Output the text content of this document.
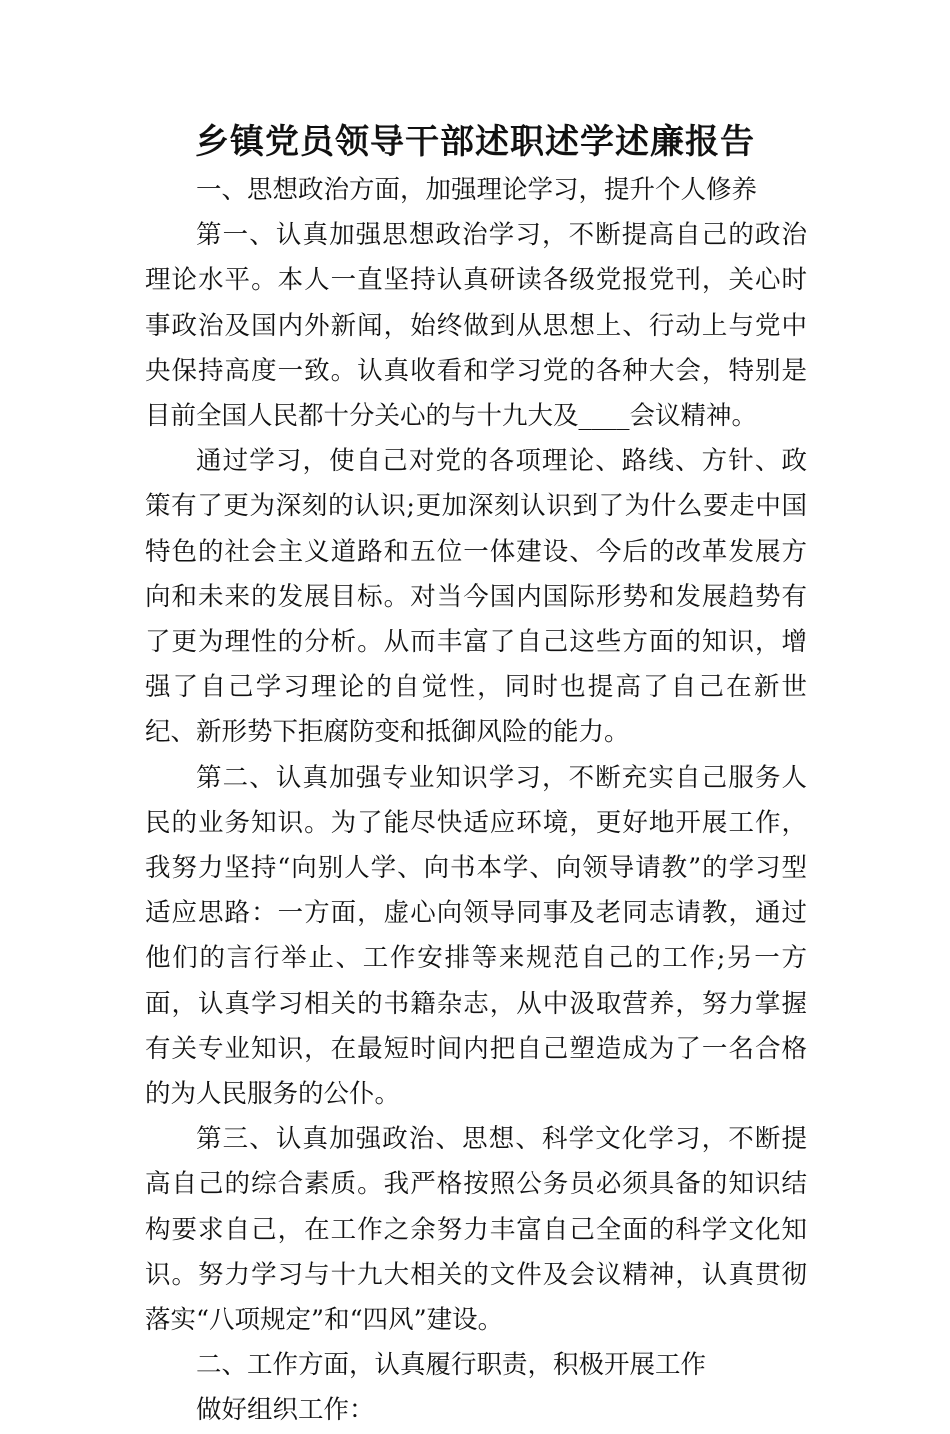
乡镇党员领导干部述职述学述廉报告

一、思想政治方面，加强理论学习，提升个人修养

第一、认真加强思想政治学习，不断提高自己的政治理论水平。本人一直坚持认真研读各级党报党刊，关心时事政治及国内外新闻，始终做到从思想上、行动上与党中央保持高度一致。认真收看和学习党的各种大会，特别是目前全国人民都十分关心的与十九大及____会议精神。

通过学习，使自己对党的各项理论、路线、方针、政策有了更为深刻的认识;更加深刻认识到了为什么要走中国特色的社会主义道路和五位一体建设、今后的改革发展方向和未来的发展目标。对当今国内国际形势和发展趋势有了更为理性的分析。从而丰富了自己这些方面的知识，增强了自己学习理论的自觉性，同时也提高了自己在新世纪、新形势下拒腐防变和抵御风险的能力。

第二、认真加强专业知识学习，不断充实自己服务人民的业务知识。为了能尽快适应环境，更好地开展工作，我努力坚持“向别人学、向书本学、向领导请教”的学习型适应思路：一方面，虚心向领导同事及老同志请教，通过他们的言行举止、工作安排等来规范自己的工作;另一方面，认真学习相关的书籍杂志，从中汲取营养，努力掌握有关专业知识，在最短时间内把自己塑造成为了一名合格的为人民服务的公仆。

第三、认真加强政治、思想、科学文化学习，不断提高自己的综合素质。我严格按照公务员必须具备的知识结构要求自己，在工作之余努力丰富自己全面的科学文化知识。努力学习与十九大相关的文件及会议精神，认真贯彻落实“八项规定”和“四风”建设。

二、工作方面，认真履行职责，积极开展工作

做好组织工作：
